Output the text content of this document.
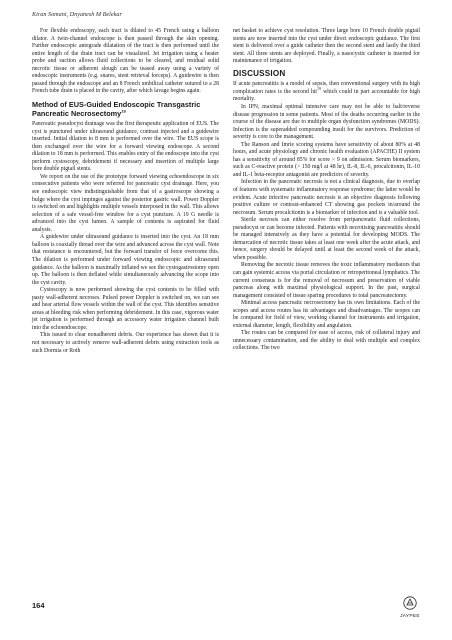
Kiran Somani, Dnyanesh M Belekar

For flexible endoscopy, each tract is dilated to 45 French using a balloon dilator. A twin-channel endoscope is then passed through the skin opening. Further endoscopic antegrade dilatation of the tract is then performed until the entire length of the drain tract can be visualized. Jet irrigation using a heater probe and suction allows fluid collections to be cleared, and residual solid necrotic tissue or adherent slough can be teased away using a variety of endoscopic instruments (e.g. snares, stent retrieval forceps). A guidewire is then passed through the endoscope and an 8 French umbilical catheter sutured to a 28 French tube drain is placed in the cavity, after which lavage begins again.

Method of EUS-Guided Endoscopic Transgastric Pancreatic Necrosectomy$^{18}$

Pancreatic pseudocyst drainage was the first therapeutic application of EUS. The cyst is punctured under ultrasound guidance, contrast injected and a guidewire inserted. Initial dilation to 8 mm is performed over the wire. The EUS scope is then exchanged over the wire for a forward viewing endoscope. A second dilation to 18 mm is performed. This enables entry of the endoscope into the cyst perform cystoscopy, debridement if necessary and insertion of multiple large bore double pigtail stents.

We report on the use of the prototype forward viewing echoendoscope in six consecutive patients who were referred for pancreatic cyst drainage. Here, you see endoscopic view indistinguishable from that of a gastroscope showing a bulge where the cyst impinges against the posterior gastric wall. Power Doppler is switched on and highlights multiple vessels interposed in the wall. This allows selection of a safe vessel-free window for a cyst puncture. A 19 G needle is advanced into the cyst lumen. A sample of contents is aspirated for fluid analysis.

A guidewire under ultrasound guidance is inserted into the cyst. An 18 mm balloon is coaxially thread over the wire and advanced across the cyst wall. Note that resistance is encountered, but the forward transfer of force overcome this. The dilation is performed under forward viewing endoscopic and ultrasound guidance. As the balloon is maximally inflated we see the cystogastrostomy open up. The balloon is then deflated while simultaneously advancing the scope into the cyst cavity.

Cystoscopy is now performed showing the cyst contents to be filled with pasty wall-adherent necroses. Pulsed power Doppler is switched on, we can see and hear arterial flow vessels within the wall of the cyst. This identifies sensitive areas at bleeding risk when performing debridement. In this case, vigorous water jet irrigation is performed through an accessory water irrigation channel built into the echoendoscope.

This issued to clear nonadherent debris. Our experience has shown that it is not necessary to actively remove wall-adherent debris using extraction tools as such Dormia or Roth

net basket to achieve cyst resolution. Three large bore 10 French double pigtail stents are now inserted into the cyst under direct endoscopic guidance. The first stent is delivered over a guide catheter then the second stent and lastly the third stent. All three stents are deployed. Finally, a nasocystic catheter is inserted for maintenance of irrigation.

DISCUSSION

If acute pancreatitis is a model of sepsis, then conventional surgery with its high complication rates is the second hit$^{19}$ which could in part accountable for high mortality.

In IPN, maximal optimal intensive care may not be able to halt/reverse disease progression in some patients. Most of the deaths occurring earlier in the course of the disease are due to multiple organ dysfunction syndromes (MODS). Infection is the superadded compounding insult for the survivors. Prediction of severity is core to the management.

The Ranson and Imrie scoring systems have sensitivity of about 80% at 48 hours, and acute physiology and chronic health evaluation (APACHE) II system has a sensitivity of around 85% for score > 9 on admission. Serum biomarkers, such as C-reactive protein (> 150 mg/l at 48 hr), IL-8, IL-6, procalcitonin, IL-10 and IL-1 beta-receptor antagonist are predictors of severity.

Infection in the pancreatic necrosis is not a clinical diagnosis, due to overlap of features with systematic inflammatory response syndrome; the latter would be evident. Acute infective pancreatic necrosis is an objective diagnosis following positive culture or contrast-enhanced CT showing gas pockets in/around the necrosum. Serum procalcitonin is a biomarker of infection and is a valuable tool.

Sterile necrosis can either resolve from peripancreatic fluid collections, pseudocyst or can become infected. Patients with necrotising pancreatitis should be managed intensively as they have a potential for developing MODS. The demarcation of necrotic tissue takes at least one week after the acute attack, and hence, surgery should be delayed until at least the second week of the attack, when possible.

Removing the necrotic tissue removes the toxic inflammatory mediators that can gain systemic access via portal circulation or retroperitoneal lymphatics. The current consensus is for the removal of necrosum and preservation of viable pancreas along with maximal physiological support. In the past, surgical management consisted of tissue sparing procedures to total pancreatectomy.

Minimal access pancreatic necrosectomy has its own limitations. Each of the scopes and access routes has its advantages and disadvantages. The scopes can be compared for field of view, working channel for instruments and irrigation, external diameter, length, flexibility and angulation.

The routes can be compared for ease of access, risk of collateral injury and unnecessary contamination, and the ability to deal with multiple and complex collections. The two

164
JAYPEE
